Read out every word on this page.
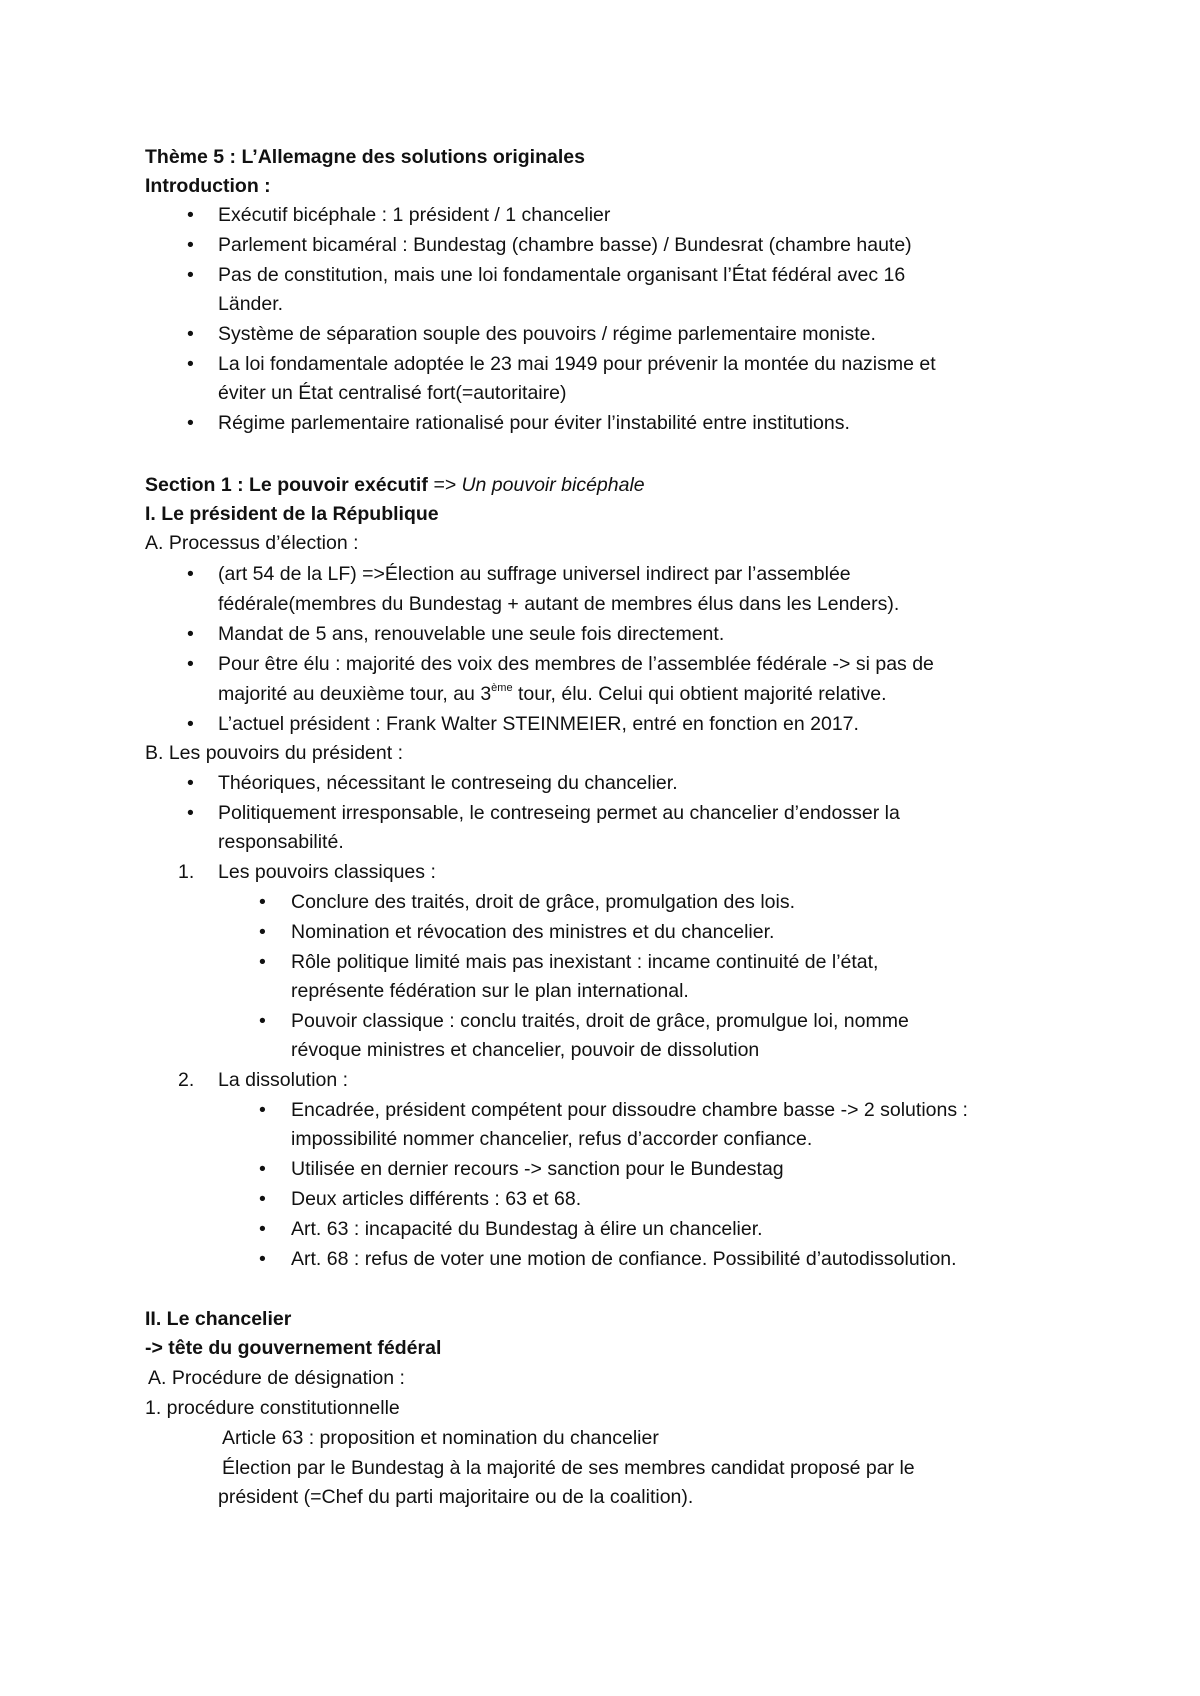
Thème 5 : L’Allemagne des solutions originales
Introduction :
• Exécutif bicéphale : 1 président / 1 chancelier
• Parlement bicaméral : Bundestag (chambre basse) / Bundesrat (chambre haute)
• Pas de constitution, mais une loi fondamentale organisant l’État fédéral avec 16
Länder.
• Système de séparation souple des pouvoirs / régime parlementaire moniste.
• La loi fondamentale adoptée le 23 mai 1949 pour prévenir la montée du nazisme et
éviter un État centralisé fort(=autoritaire)
• Régime parlementaire rationalisé pour éviter l’instabilité entre institutions.
Section 1 : Le pouvoir exécutif => Un pouvoir bicéphale
I. Le président de la République
A. Processus d’élection :
• (art 54 de la LF) =>Élection au suffrage universel indirect par l’assemblée
fédérale(membres du Bundestag + autant de membres élus dans les Lenders).
• Mandat de 5 ans, renouvelable une seule fois directement.
• Pour être élu : majorité des voix des membres de l’assemblée fédérale -> si pas de
majorité au deuxième tour, au 3ème tour, élu. Celui qui obtient majorité relative.
• L’actuel président : Frank Walter STEINMEIER, entré en fonction en 2017.
B. Les pouvoirs du président :
• Théoriques, nécessitant le contreseing du chancelier.
• Politiquement irresponsable, le contreseing permet au chancelier d’endosser la
responsabilité.
1. Les pouvoirs classiques :
• Conclure des traités, droit de grâce, promulgation des lois.
• Nomination et révocation des ministres et du chancelier.
• Rôle politique limité mais pas inexistant : incame continuité de l’état,
représente fédération sur le plan international.
• Pouvoir classique : conclu traités, droit de grâce, promulgue loi, nomme
révoque ministres et chancelier, pouvoir de dissolution
2. La dissolution :
• Encadrée, président compétent pour dissoudre chambre basse -> 2 solutions :
impossibilité nommer chancelier, refus d’accorder confiance.
• Utilisée en dernier recours -> sanction pour le Bundestag
• Deux articles différents : 63 et 68.
• Art. 63 : incapacité du Bundestag à élire un chancelier.
• Art. 68 : refus de voter une motion de confiance. Possibilité d’autodissolution.
II. Le chancelier
-> tête du gouvernement fédéral
A. Procédure de désignation :
1. procédure constitutionnelle
Article 63 : proposition et nomination du chancelier
Élection par le Bundestag à la majorité de ses membres candidat proposé par le
président (=Chef du parti majoritaire ou de la coalition).
